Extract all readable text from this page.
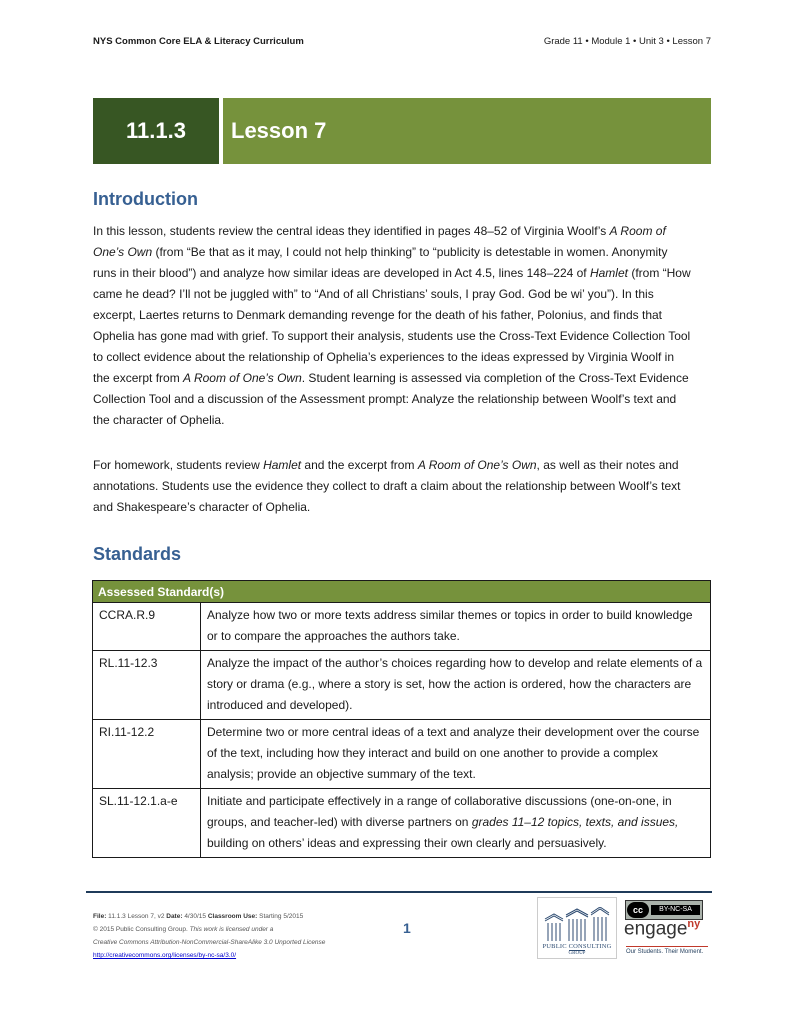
NYS Common Core ELA & Literacy Curriculum	Grade 11 • Module 1 • Unit 3 • Lesson 7
11.1.3	Lesson 7
Introduction

In this lesson, students review the central ideas they identified in pages 48–52 of Virginia Woolf’s A Room of One’s Own (from “Be that as it may, I could not help thinking” to “publicity is detestable in women. Anonymity runs in their blood”) and analyze how similar ideas are developed in Act 4.5, lines 148–224 of Hamlet (from “How came he dead? I’ll not be juggled with” to “And of all Christians’ souls, I pray God. God be wi’ you”). In this excerpt, Laertes returns to Denmark demanding revenge for the death of his father, Polonius, and finds that Ophelia has gone mad with grief. To support their analysis, students use the Cross-Text Evidence Collection Tool to collect evidence about the relationship of Ophelia’s experiences to the ideas expressed by Virginia Woolf in the excerpt from A Room of One’s Own. Student learning is assessed via completion of the Cross-Text Evidence Collection Tool and a discussion of the Assessment prompt: Analyze the relationship between Woolf’s text and the character of Ophelia.

For homework, students review Hamlet and the excerpt from A Room of One’s Own, as well as their notes and annotations. Students use the evidence they collect to draft a claim about the relationship between Woolf’s text and Shakespeare’s character of Ophelia.

Standards
Assessed Standard(s)	
CCRA.R.9	Analyze how two or more texts address similar themes or topics in order to build knowledge or to compare the approaches the authors take.
RL.11-12.3	Analyze the impact of the author’s choices regarding how to develop and relate elements of a story or drama (e.g., where a story is set, how the action is ordered, how the characters are introduced and developed).
RI.11-12.2	Determine two or more central ideas of a text and analyze their development over the course of the text, including how they interact and build on one another to provide a complex analysis; provide an objective summary of the text.
SL.11-12.1.a-e	Initiate and participate effectively in a range of collaborative discussions (one-on-one, in groups, and teacher-led) with diverse partners on grades 11–12 topics, texts, and issues, building on others’ ideas and expressing their own clearly and persuasively.
File: 11.1.3 Lesson 7, v2 Date: 4/30/15 Classroom Use: Starting 5/2015
© 2015 Public Consulting Group. This work is licensed under a
Creative Commons Attribution-NonCommercial-ShareAlike 3.0 Unported License
http://creativecommons.org/licenses/by-nc-sa/3.0/
1
PUBLIC CONSULTING
GROUP
cc	BY-NC-SA
engage$^{ny}$
Our Students. Their Moment.
